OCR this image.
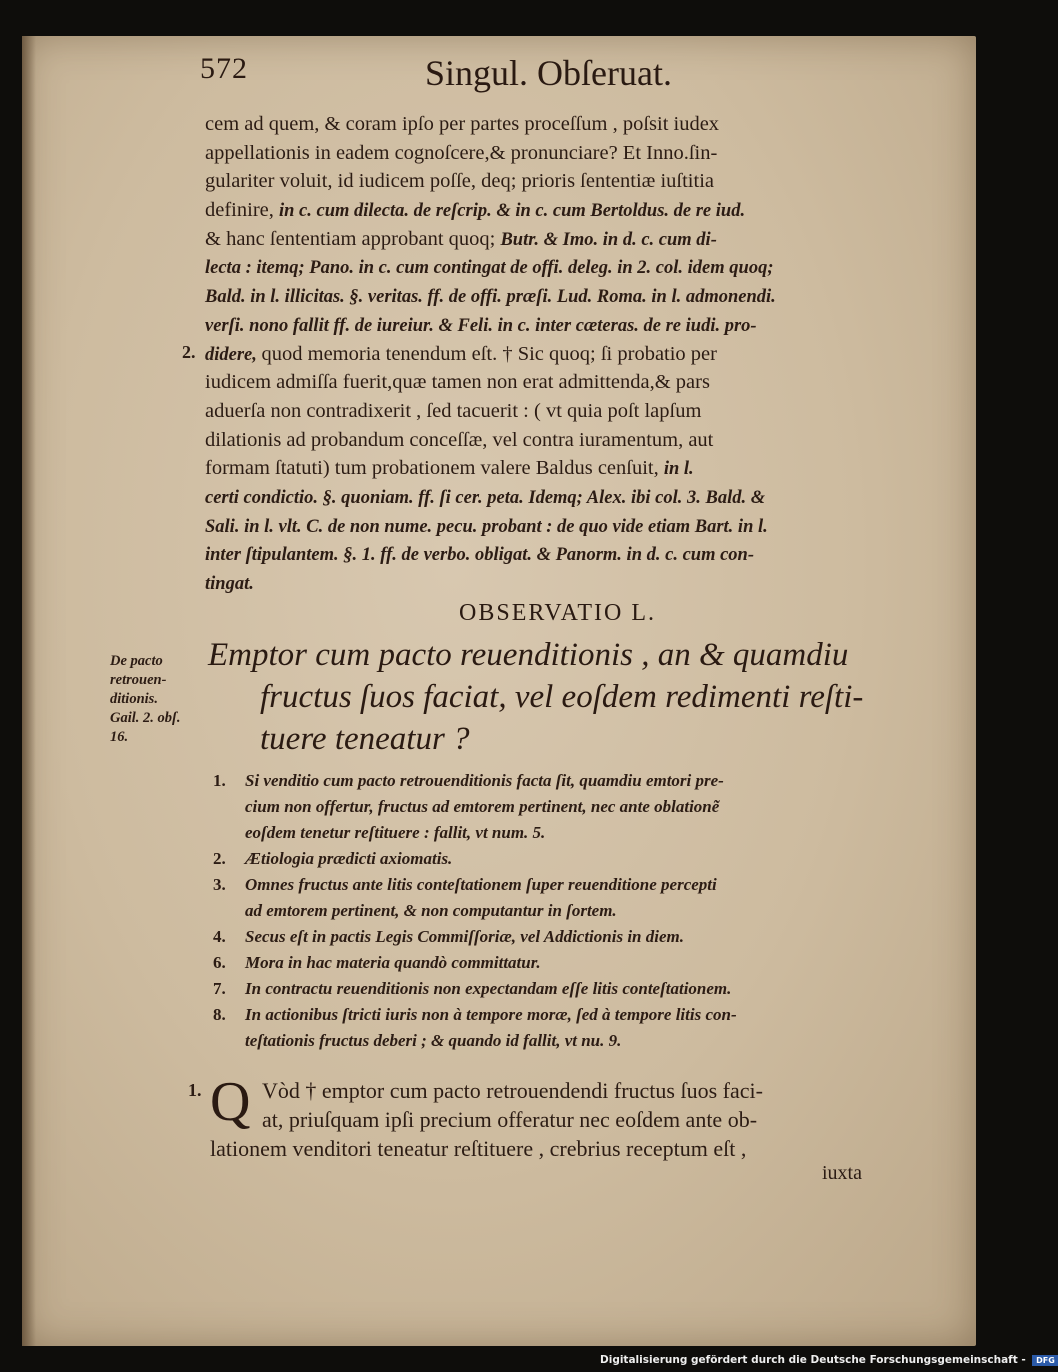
572	Singul. Obſeruat.
cem ad quem, & coram ipſo per partes proceſſum , poſsit iudex
appellationis in eadem cognoſcere,& pronunciare? Et Inno.ſin-
gulariter voluit, id iudicem poſſe, deq; prioris ſententiæ iuſtitia
definire, in c. cum dilecta. de reſcrip. & in c. cum Bertoldus. de re iud.
& hanc ſententiam approbant quoq; Butr. & Imo. in d. c. cum di-
lecta : itemq; Pano. in c. cum contingat de offi. deleg. in 2. col. idem quoq;
Bald. in l. illicitas. §. veritas. ff. de offi. præſi. Lud. Roma. in l. admonendi.
verſi. nono fallit ff. de iureiur. & Feli. in c. inter cæteras. de re iudi. pro-
didere, quod memoria tenendum eſt. † Sic quoq; ſi probatio per
iudicem admiſſa fuerit,quæ tamen non erat admittenda,& pars
aduerſa non contradixerit , ſed tacuerit : ( vt quia poſt lapſum
dilationis ad probandum conceſſæ, vel contra iuramentum, aut
formam ſtatuti) tum probationem valere Baldus cenſuit, in l.
certi condictio. §. quoniam. ff. ſi cer. peta. Idemq; Alex. ibi col. 3. Bald. &
Sali. in l. vlt. C. de non nume. pecu. probant : de quo vide etiam Bart. in l.
inter ſtipulantem. §. 1. ff. de verbo. obligat. & Panorm. in d. c. cum con-
tingat.
2.
OBSERVATIO L.
De pacto
retrouen-
ditionis.
Gail. 2. obſ.
16.
Emptor cum pacto reuenditionis , an & quamdiu
fructus ſuos faciat, vel eoſdem redimenti reſti-
tuere teneatur ?
1. Si venditio cum pacto retrouenditionis facta ſit, quamdiu emtori pre-
cium non offertur, fructus ad emtorem pertinent, nec ante oblationẽ
eoſdem tenetur reſtituere : fallit, vt num. 5.
2. Ætiologia prædicti axiomatis.
3. Omnes fructus ante litis conteſtationem ſuper reuenditione percepti
ad emtorem pertinent, & non computantur in ſortem.
4. Secus eſt in pactis Legis Commiſſoriæ, vel Addictionis in diem.
6. Mora in hac materia quandò committatur.
7. In contractu reuenditionis non expectandam eſſe litis conteſtationem.
8. In actionibus ſtricti iuris non à tempore moræ, ſed à tempore litis con-
teſtationis fructus deberi ; & quando id fallit, vt nu. 9.
1. Q Vòd † emptor cum pacto retrouendendi fructus ſuos faci-
at, priuſquam ipſi precium offeratur nec eoſdem ante ob-
lationem venditori teneatur reſtituere , crebrius receptum eſt ,
iuxta
Digitalisierung gefördert durch die Deutsche Forschungsgemeinschaft - DFG
